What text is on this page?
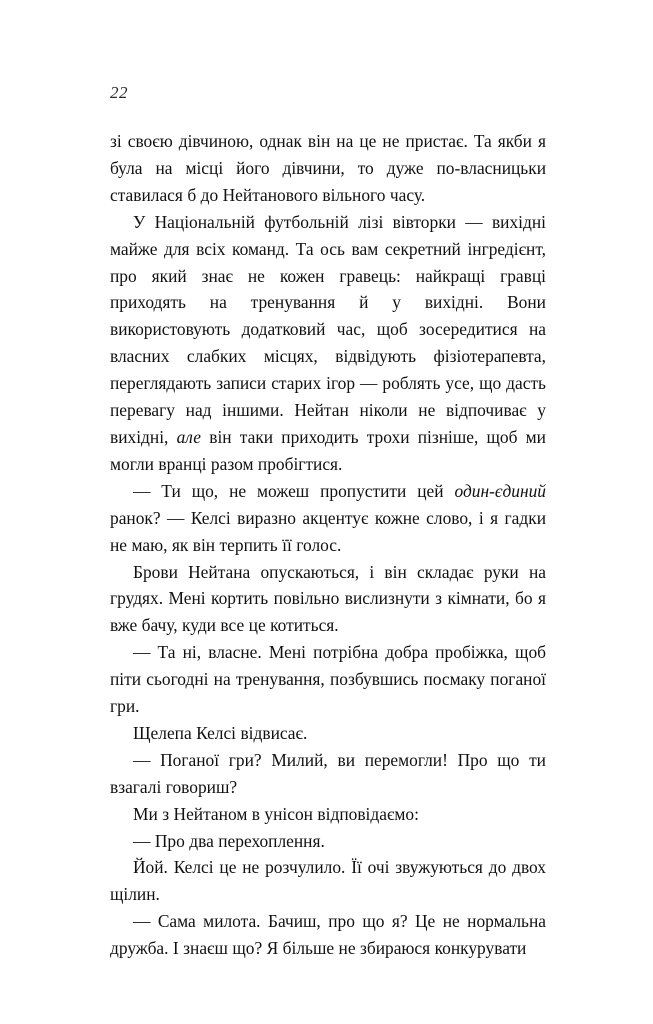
22

зі своєю дівчиною, однак він на це не пристає. Та якби я була на місці його дівчини, то дуже по-власницьки ставилася б до Нейтанового вільного часу.

У Національній футбольній лізі вівторки — вихідні майже для всіх команд. Та ось вам секретний інгредієнт, про який знає не кожен гравець: найкращі гравці приходять на тренування й у вихідні. Вони використовують додатковий час, щоб зосередитися на власних слабких місцях, відвідують фізіотерапевта, переглядають записи старих ігор — роблять усе, що дасть перевагу над іншими. Нейтан ніколи не відпочиває у вихідні, але він таки приходить трохи пізніше, щоб ми могли вранці разом пробігтися.

— Ти що, не можеш пропустити цей один-єдиний ранок? — Келсі виразно акцентує кожне слово, і я гадки не маю, як він терпить її голос.

Брови Нейтана опускаються, і він складає руки на грудях. Мені кортить повільно вислизнути з кімнати, бо я вже бачу, куди все це котиться.

— Та ні, власне. Мені потрібна добра пробіжка, щоб піти сьогодні на тренування, позбувшись посмаку поганої гри.

Щелепа Келсі відвисає.

— Поганої гри? Милий, ви перемогли! Про що ти взагалі говориш?

Ми з Нейтаном в унісон відповідаємо:

— Про два перехоплення.

Йой. Келсі це не розчулило. Її очі звужуються до двох щілин.

— Сама милота. Бачиш, про що я? Це не нормальна дружба. І знаєш що? Я більше не збираюся конкурувати
